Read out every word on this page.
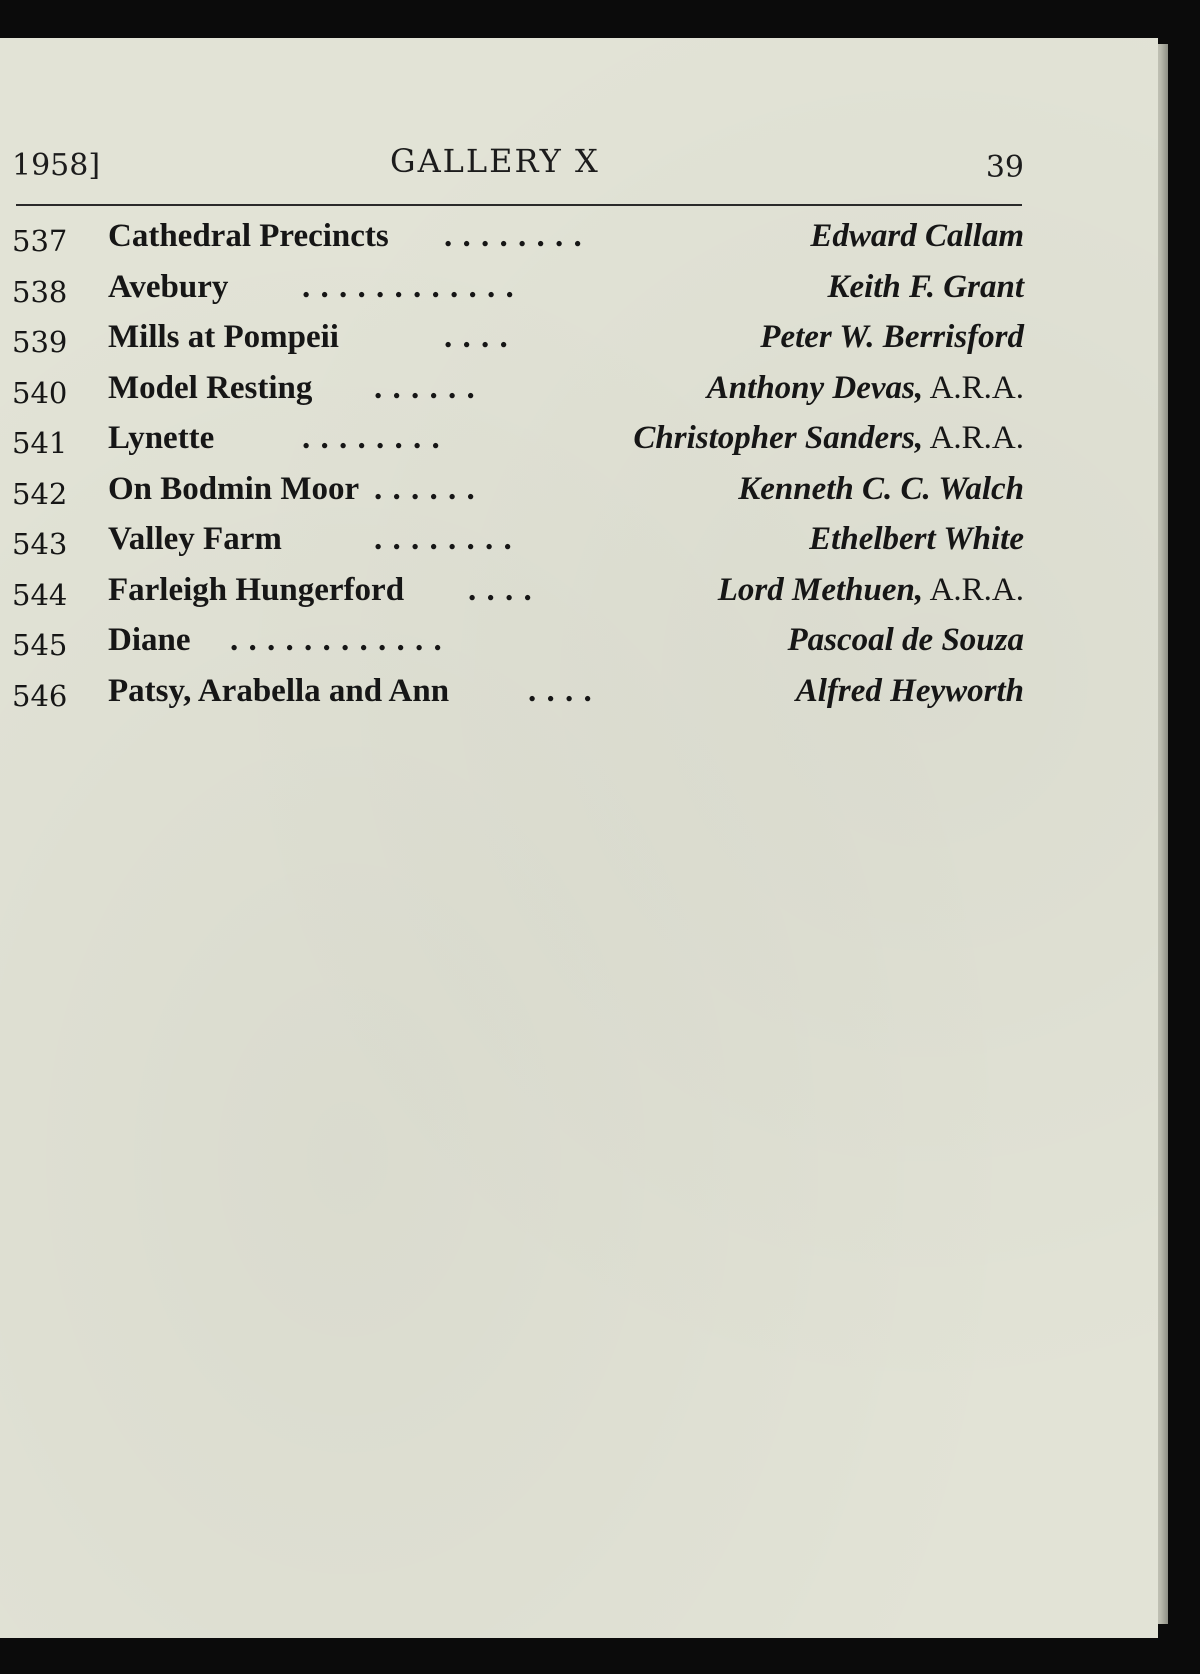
1958]	GALLERY X	39
537 Cathedral Precincts . . . . . . . .	Edward Callam
538 Avebury . . . . . . . . . . . .	Keith F. Grant
539 Mills at Pompeii	. . . .	Peter W. Berrisford
540 Model Resting . . . . . .	Anthony Devas, A.R.A.
541 Lynette	. . . . . . . .	Christopher Sanders, A.R.A.
542 On Bodmin Moor . . . . . .	Kenneth C. C. Walch
543 Valley Farm	. . . . . . . .	Ethelbert White
544 Farleigh Hungerford . . . .	Lord Methuen, A.R.A.
545 Diane . . . . . . . . . . . .	Pascoal de Souza
546 Patsy, Arabella and Ann . . . .	Alfred Heyworth
